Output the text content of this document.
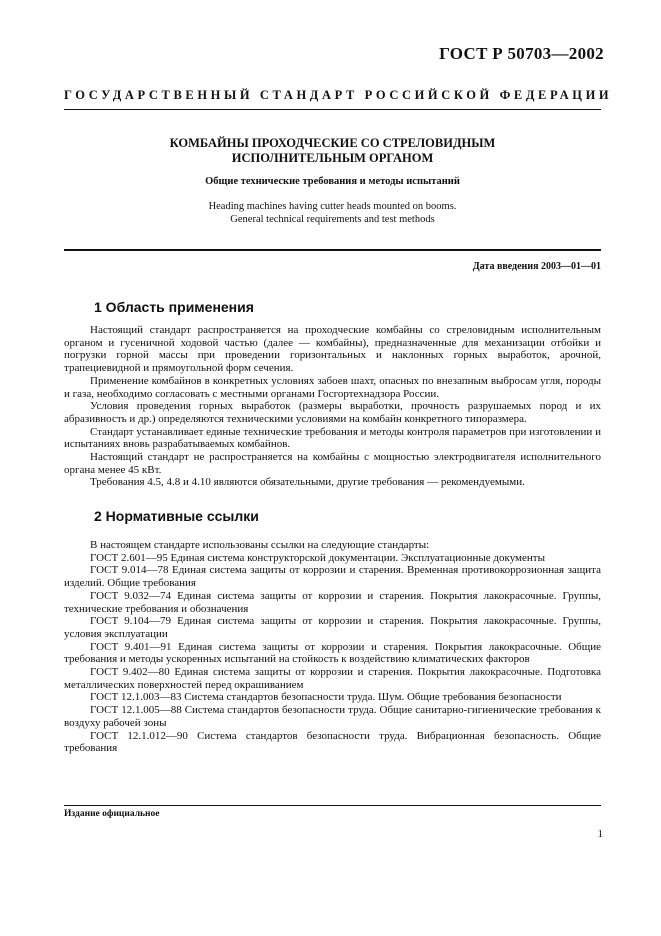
ГОСТ Р 50703—2002
ГОСУДАРСТВЕННЫЙ СТАНДАРТ РОССИЙСКОЙ ФЕДЕРАЦИИ
КОМБАЙНЫ ПРОХОДЧЕСКИЕ СО СТРЕЛОВИДНЫМ
ИСПОЛНИТЕЛЬНЫМ ОРГАНОМ
Общие технические требования и методы испытаний
Heading machines having cutter heads mounted on booms.
General technical requirements and test methods
Дата введения 2003—01—01
1 Область применения

Настоящий стандарт распространяется на проходческие комбайны со стреловидным исполнительным органом и гусеничной ходовой частью (далее — комбайны), предназначенные для механизации отбойки и погрузки горной массы при проведении горизонтальных и наклонных горных выработок, арочной, трапециевидной и прямоугольной форм сечения.

Применение комбайнов в конкретных условиях забоев шахт, опасных по внезапным выбросам угля, породы и газа, необходимо согласовать с местными органами Госгортехнадзора России.

Условия проведения горных выработок (размеры выработки, прочность разрушаемых пород и их абразивность и др.) определяются техническими условиями на комбайн конкретного типоразмера.

Стандарт устанавливает единые технические требования и методы контроля параметров при изготовлении и испытаниях вновь разрабатываемых комбайнов.

Настоящий стандарт не распространяется на комбайны с мощностью электродвигателя исполнительного органа менее 45 кВт.

Требования 4.5, 4.8 и 4.10 являются обязательными, другие требования — рекомендуемыми.

2 Нормативные ссылки

В настоящем стандарте использованы ссылки на следующие стандарты:

ГОСТ 2.601—95 Единая система конструкторской документации. Эксплуатационные документы

ГОСТ 9.014—78 Единая система защиты от коррозии и старения. Временная противокоррозионная защита изделий. Общие требования

ГОСТ 9.032—74 Единая система защиты от коррозии и старения. Покрытия лакокрасочные. Группы, технические требования и обозначения

ГОСТ 9.104—79 Единая система защиты от коррозии и старения. Покрытия лакокрасочные. Группы, условия эксплуатации

ГОСТ 9.401—91 Единая система защиты от коррозии и старения. Покрытия лакокрасочные. Общие требования и методы ускоренных испытаний на стойкость к воздействию климатических факторов

ГОСТ 9.402—80 Единая система защиты от коррозии и старения. Покрытия лакокрасочные. Подготовка металлических поверхностей перед окрашиванием

ГОСТ 12.1.003—83 Система стандартов безопасности труда. Шум. Общие требования безопасности

ГОСТ 12.1.005—88 Система стандартов безопасности труда. Общие санитарно-гигиенические требования к воздуху рабочей зоны

ГОСТ 12.1.012—90 Система стандартов безопасности труда. Вибрационная безопасность. Общие требования

Издание официальное
1
